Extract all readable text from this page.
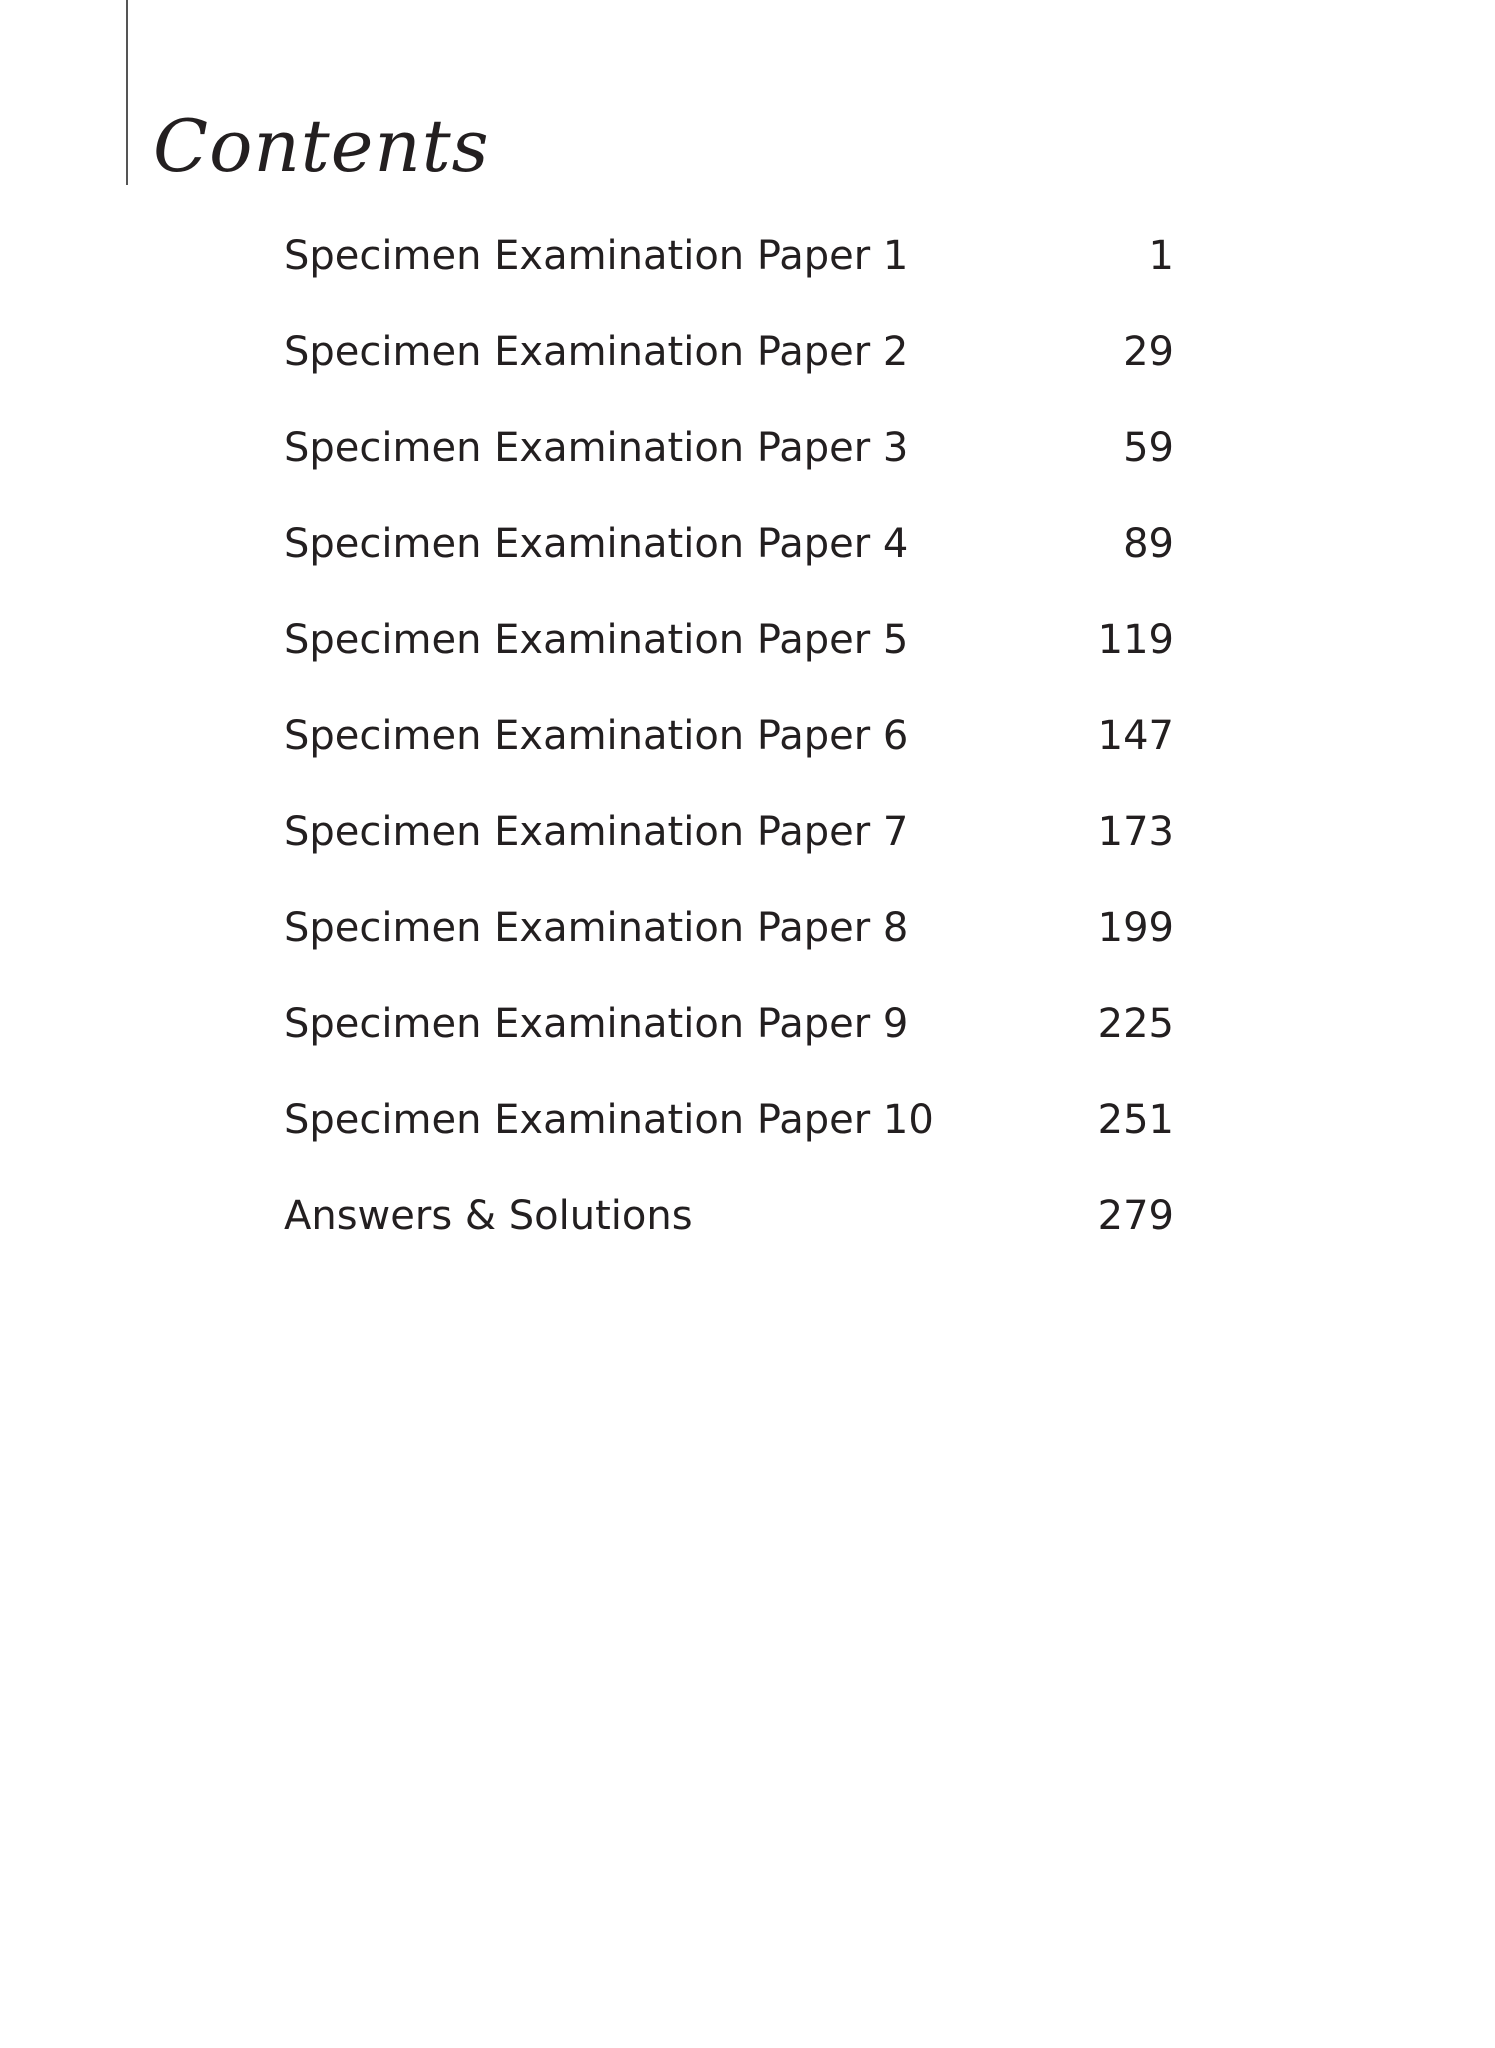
Contents
Specimen Examination Paper 1	1
Specimen Examination Paper 2	29
Specimen Examination Paper 3	59
Specimen Examination Paper 4	89
Specimen Examination Paper 5	119
Specimen Examination Paper 6	147
Specimen Examination Paper 7	173
Specimen Examination Paper 8	199
Specimen Examination Paper 9	225
Specimen Examination Paper 10	251
Answers & Solutions	279
